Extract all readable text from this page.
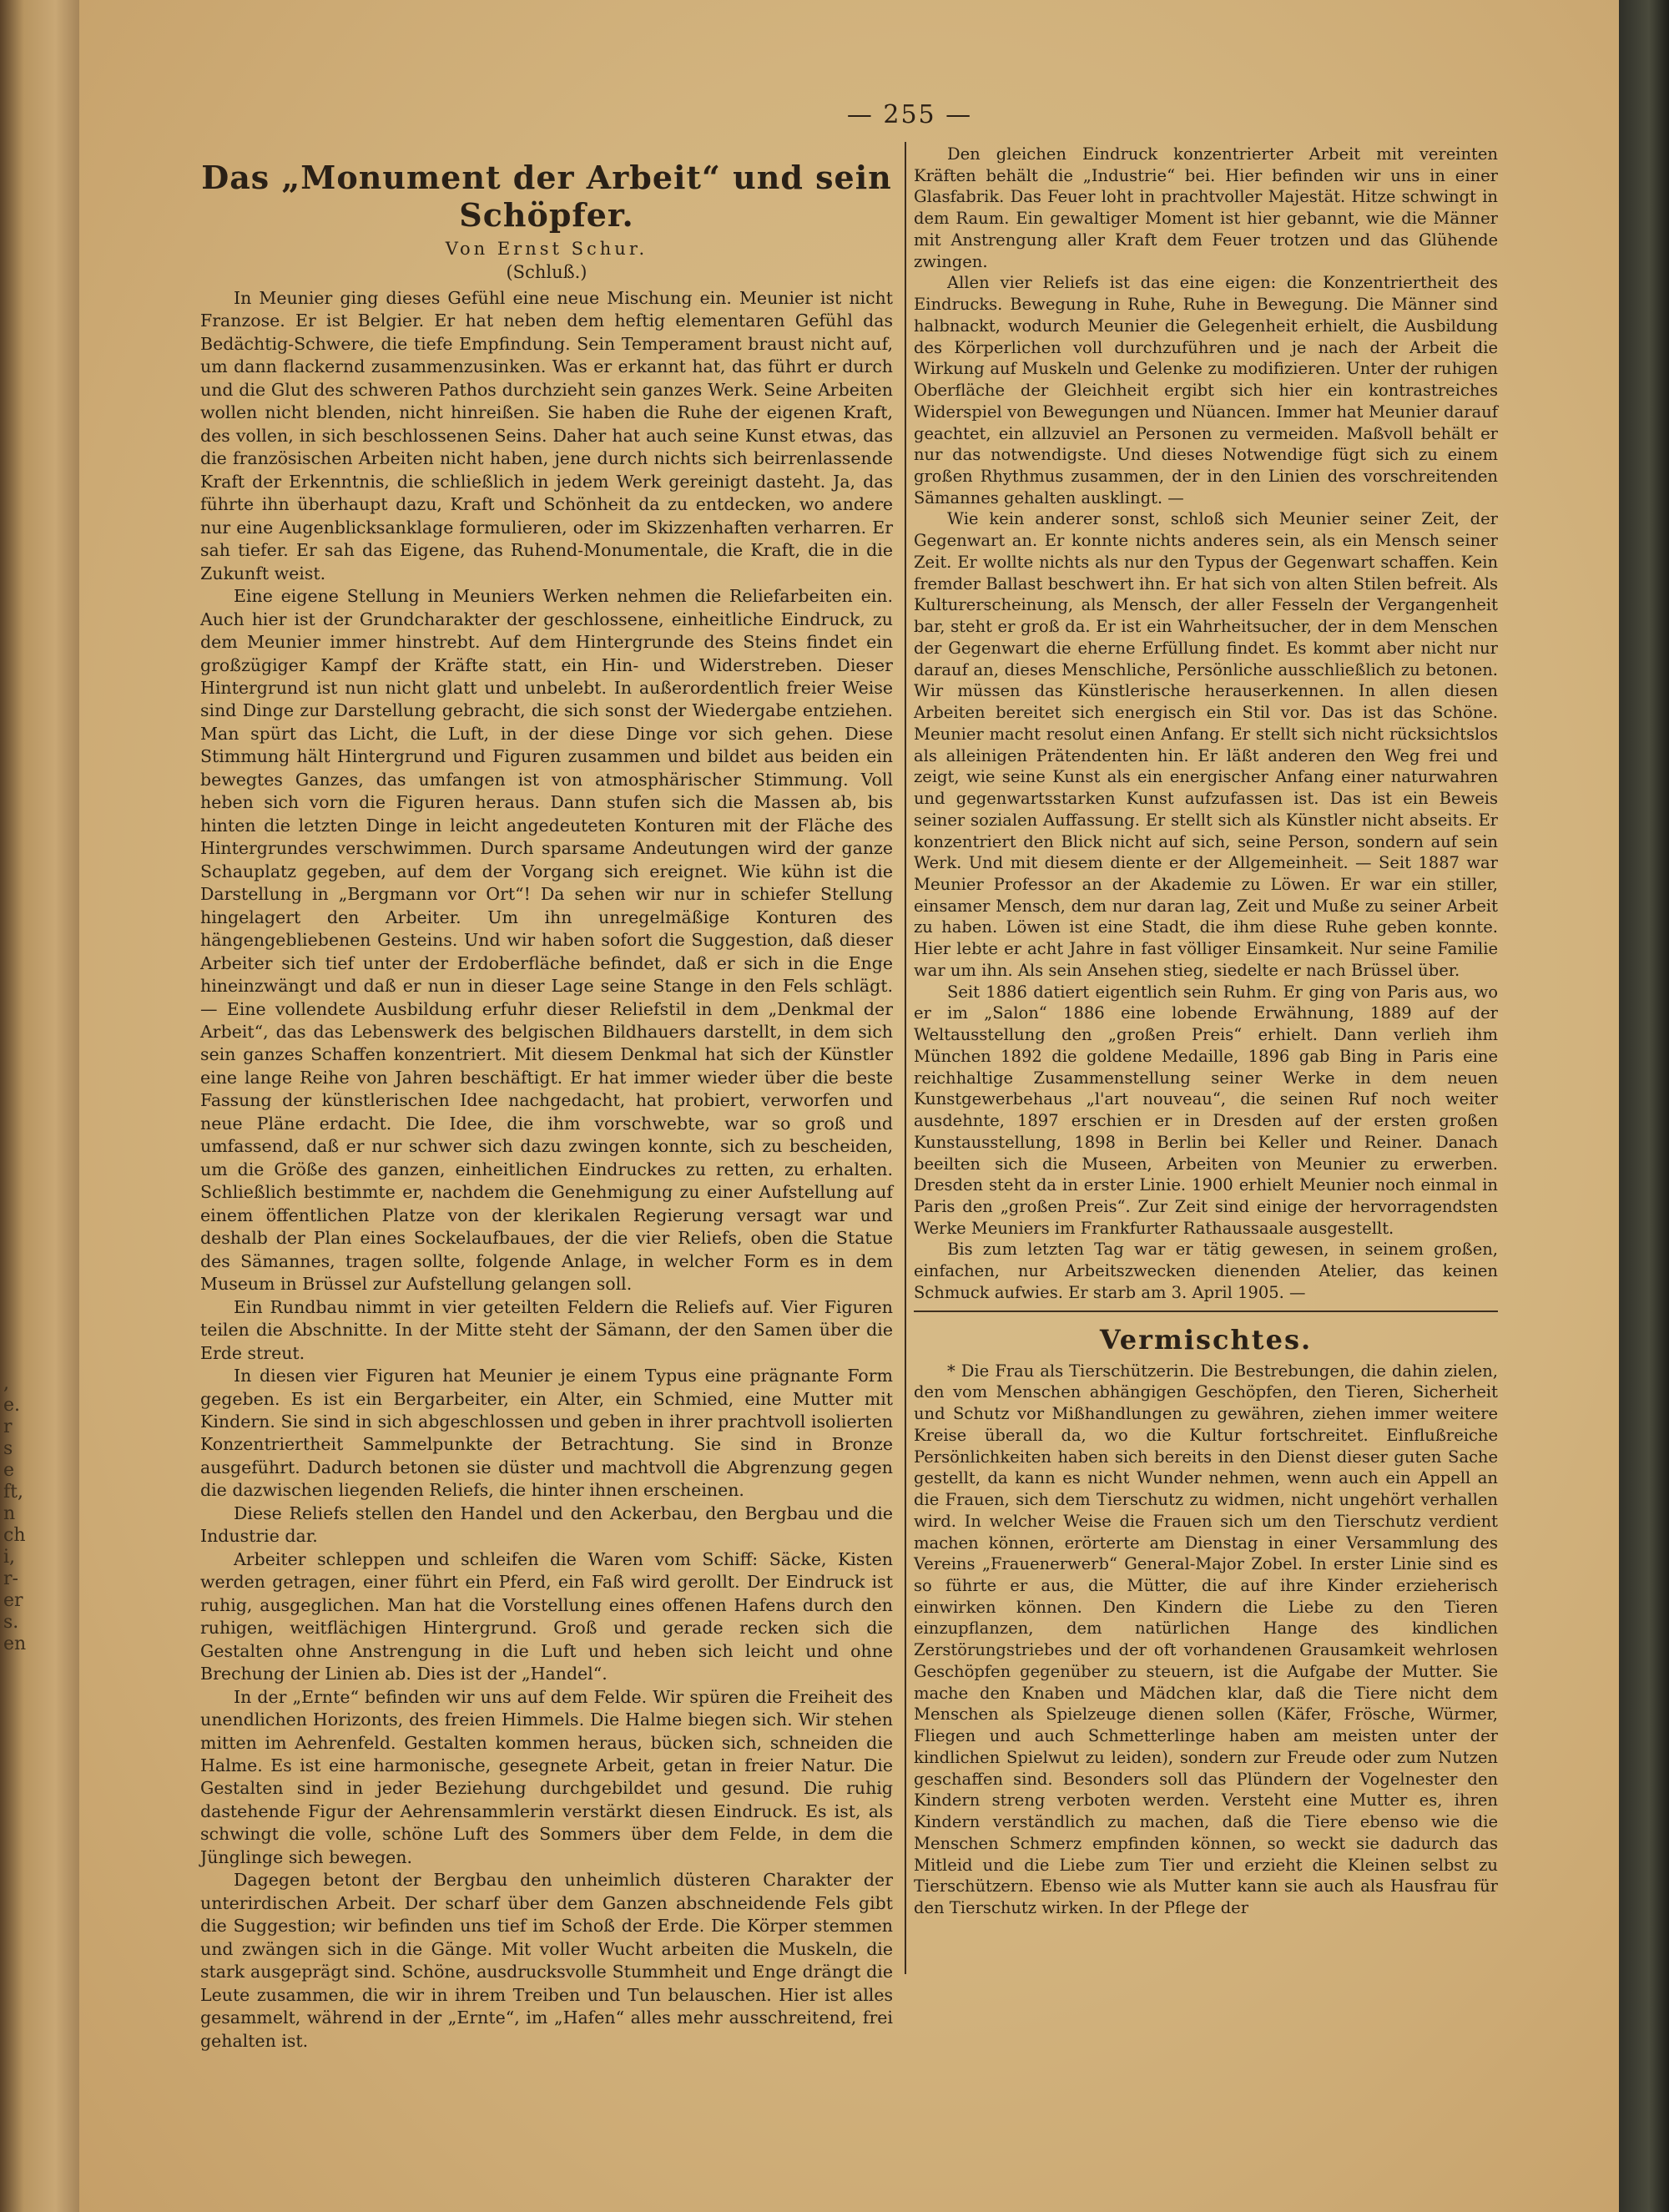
,
e.
r
s
e
ft,
n
ch
i,
r-
er
s.
en
— 255 —
Das „Monument der Arbeit“ und sein Schöpfer.
Von Ernst Schur.
(Schluß.)

In Meunier ging dieses Gefühl eine neue Mischung ein. Meunier ist nicht Franzose. Er ist Belgier. Er hat neben dem heftig elementaren Gefühl das Bedächtig-Schwere, die tiefe Empfindung. Sein Temperament braust nicht auf, um dann flackernd zusammenzusinken. Was er erkannt hat, das führt er durch und die Glut des schweren Pathos durchzieht sein ganzes Werk. Seine Arbeiten wollen nicht blenden, nicht hinreißen. Sie haben die Ruhe der eigenen Kraft, des vollen, in sich beschlossenen Seins. Daher hat auch seine Kunst etwas, das die französischen Arbeiten nicht haben, jene durch nichts sich beirrenlassende Kraft der Erkenntnis, die schließlich in jedem Werk gereinigt dasteht. Ja, das führte ihn überhaupt dazu, Kraft und Schönheit da zu entdecken, wo andere nur eine Augenblicksanklage formulieren, oder im Skizzenhaften verharren. Er sah tiefer. Er sah das Eigene, das Ruhend-Monumentale, die Kraft, die in die Zukunft weist.

Eine eigene Stellung in Meuniers Werken nehmen die Reliefarbeiten ein. Auch hier ist der Grundcharakter der geschlossene, einheitliche Eindruck, zu dem Meunier immer hinstrebt. Auf dem Hintergrunde des Steins findet ein großzügiger Kampf der Kräfte statt, ein Hin- und Widerstreben. Dieser Hintergrund ist nun nicht glatt und unbelebt. In außerordentlich freier Weise sind Dinge zur Darstellung gebracht, die sich sonst der Wiedergabe entziehen. Man spürt das Licht, die Luft, in der diese Dinge vor sich gehen. Diese Stimmung hält Hintergrund und Figuren zusammen und bildet aus beiden ein bewegtes Ganzes, das umfangen ist von atmosphärischer Stimmung. Voll heben sich vorn die Figuren heraus. Dann stufen sich die Massen ab, bis hinten die letzten Dinge in leicht angedeuteten Konturen mit der Fläche des Hintergrundes verschwimmen. Durch sparsame Andeutungen wird der ganze Schauplatz gegeben, auf dem der Vorgang sich ereignet. Wie kühn ist die Darstellung in „Bergmann vor Ort“! Da sehen wir nur in schiefer Stellung hingelagert den Arbeiter. Um ihn unregelmäßige Konturen des hängengebliebenen Gesteins. Und wir haben sofort die Suggestion, daß dieser Arbeiter sich tief unter der Erdoberfläche befindet, daß er sich in die Enge hineinzwängt und daß er nun in dieser Lage seine Stange in den Fels schlägt. — Eine vollendete Ausbildung erfuhr dieser Reliefstil in dem „Denkmal der Arbeit“, das das Lebenswerk des belgischen Bildhauers darstellt, in dem sich sein ganzes Schaffen konzentriert. Mit diesem Denkmal hat sich der Künstler eine lange Reihe von Jahren beschäftigt. Er hat immer wieder über die beste Fassung der künstlerischen Idee nachgedacht, hat probiert, verworfen und neue Pläne erdacht. Die Idee, die ihm vorschwebte, war so groß und umfassend, daß er nur schwer sich dazu zwingen konnte, sich zu bescheiden, um die Größe des ganzen, einheitlichen Eindruckes zu retten, zu erhalten. Schließlich bestimmte er, nachdem die Genehmigung zu einer Aufstellung auf einem öffentlichen Platze von der klerikalen Regierung versagt war und deshalb der Plan eines Sockelaufbaues, der die vier Reliefs, oben die Statue des Sämannes, tragen sollte, folgende Anlage, in welcher Form es in dem Museum in Brüssel zur Aufstellung gelangen soll.

Ein Rundbau nimmt in vier geteilten Feldern die Reliefs auf. Vier Figuren teilen die Abschnitte. In der Mitte steht der Sämann, der den Samen über die Erde streut.

In diesen vier Figuren hat Meunier je einem Typus eine prägnante Form gegeben. Es ist ein Bergarbeiter, ein Alter, ein Schmied, eine Mutter mit Kindern. Sie sind in sich abgeschlossen und geben in ihrer prachtvoll isolierten Konzentriertheit Sammelpunkte der Betrachtung. Sie sind in Bronze ausgeführt. Dadurch betonen sie düster und machtvoll die Abgrenzung gegen die dazwischen liegenden Reliefs, die hinter ihnen erscheinen.

Diese Reliefs stellen den Handel und den Ackerbau, den Bergbau und die Industrie dar.

Arbeiter schleppen und schleifen die Waren vom Schiff: Säcke, Kisten werden getragen, einer führt ein Pferd, ein Faß wird gerollt. Der Eindruck ist ruhig, ausgeglichen. Man hat die Vorstellung eines offenen Hafens durch den ruhigen, weitflächigen Hintergrund. Groß und gerade recken sich die Gestalten ohne Anstrengung in die Luft und heben sich leicht und ohne Brechung der Linien ab. Dies ist der „Handel“.

In der „Ernte“ befinden wir uns auf dem Felde. Wir spüren die Freiheit des unendlichen Horizonts, des freien Himmels. Die Halme biegen sich. Wir stehen mitten im Aehrenfeld. Gestalten kommen heraus, bücken sich, schneiden die Halme. Es ist eine harmonische, gesegnete Arbeit, getan in freier Natur. Die Gestalten sind in jeder Beziehung durchgebildet und gesund. Die ruhig dastehende Figur der Aehrensammlerin verstärkt diesen Eindruck. Es ist, als schwingt die volle, schöne Luft des Sommers über dem Felde, in dem die Jünglinge sich bewegen.

Dagegen betont der Bergbau den unheimlich düsteren Charakter der unterirdischen Arbeit. Der scharf über dem Ganzen abschneidende Fels gibt die Suggestion; wir befinden uns tief im Schoß der Erde. Die Körper stemmen und zwängen sich in die Gänge. Mit voller Wucht arbeiten die Muskeln, die stark ausgeprägt sind. Schöne, ausdrucksvolle Stummheit und Enge drängt die Leute zusammen, die wir in ihrem Treiben und Tun belauschen. Hier ist alles gesammelt, während in der „Ernte“, im „Hafen“ alles mehr ausschreitend, frei gehalten ist.

Den gleichen Eindruck konzentrierter Arbeit mit vereinten Kräften behält die „Industrie“ bei. Hier befinden wir uns in einer Glasfabrik. Das Feuer loht in prachtvoller Majestät. Hitze schwingt in dem Raum. Ein gewaltiger Moment ist hier gebannt, wie die Männer mit Anstrengung aller Kraft dem Feuer trotzen und das Glühende zwingen.

Allen vier Reliefs ist das eine eigen: die Konzentriertheit des Eindrucks. Bewegung in Ruhe, Ruhe in Bewegung. Die Männer sind halbnackt, wodurch Meunier die Gelegenheit erhielt, die Ausbildung des Körperlichen voll durchzuführen und je nach der Arbeit die Wirkung auf Muskeln und Gelenke zu modifizieren. Unter der ruhigen Oberfläche der Gleichheit ergibt sich hier ein kontrastreiches Widerspiel von Bewegungen und Nüancen. Immer hat Meunier darauf geachtet, ein allzuviel an Personen zu vermeiden. Maßvoll behält er nur das notwendigste. Und dieses Notwendige fügt sich zu einem großen Rhythmus zusammen, der in den Linien des vorschreitenden Sämannes gehalten ausklingt. —

Wie kein anderer sonst, schloß sich Meunier seiner Zeit, der Gegenwart an. Er konnte nichts anderes sein, als ein Mensch seiner Zeit. Er wollte nichts als nur den Typus der Gegenwart schaffen. Kein fremder Ballast beschwert ihn. Er hat sich von alten Stilen befreit. Als Kulturerscheinung, als Mensch, der aller Fesseln der Vergangenheit bar, steht er groß da. Er ist ein Wahrheitsucher, der in dem Menschen der Gegenwart die eherne Erfüllung findet. Es kommt aber nicht nur darauf an, dieses Menschliche, Persönliche ausschließlich zu betonen. Wir müssen das Künstlerische herauserkennen. In allen diesen Arbeiten bereitet sich energisch ein Stil vor. Das ist das Schöne. Meunier macht resolut einen Anfang. Er stellt sich nicht rücksichtslos als alleinigen Prätendenten hin. Er läßt anderen den Weg frei und zeigt, wie seine Kunst als ein energischer Anfang einer naturwahren und gegenwartsstarken Kunst aufzufassen ist. Das ist ein Beweis seiner sozialen Auffassung. Er stellt sich als Künstler nicht abseits. Er konzentriert den Blick nicht auf sich, seine Person, sondern auf sein Werk. Und mit diesem diente er der Allgemeinheit. — Seit 1887 war Meunier Professor an der Akademie zu Löwen. Er war ein stiller, einsamer Mensch, dem nur daran lag, Zeit und Muße zu seiner Arbeit zu haben. Löwen ist eine Stadt, die ihm diese Ruhe geben konnte. Hier lebte er acht Jahre in fast völliger Einsamkeit. Nur seine Familie war um ihn. Als sein Ansehen stieg, siedelte er nach Brüssel über.

Seit 1886 datiert eigentlich sein Ruhm. Er ging von Paris aus, wo er im „Salon“ 1886 eine lobende Erwähnung, 1889 auf der Weltausstellung den „großen Preis“ erhielt. Dann verlieh ihm München 1892 die goldene Medaille, 1896 gab Bing in Paris eine reichhaltige Zusammenstellung seiner Werke in dem neuen Kunstgewerbehaus „l'art nouveau“, die seinen Ruf noch weiter ausdehnte, 1897 erschien er in Dresden auf der ersten großen Kunstausstellung, 1898 in Berlin bei Keller und Reiner. Danach beeilten sich die Museen, Arbeiten von Meunier zu erwerben. Dresden steht da in erster Linie. 1900 erhielt Meunier noch einmal in Paris den „großen Preis“. Zur Zeit sind einige der hervorragendsten Werke Meuniers im Frankfurter Rathaussaale ausgestellt.

Bis zum letzten Tag war er tätig gewesen, in seinem großen, einfachen, nur Arbeitszwecken dienenden Atelier, das keinen Schmuck aufwies. Er starb am 3. April 1905. —

Vermischtes.

* Die Frau als Tierschützerin. Die Bestrebungen, die dahin zielen, den vom Menschen abhängigen Geschöpfen, den Tieren, Sicherheit und Schutz vor Mißhandlungen zu gewähren, ziehen immer weitere Kreise überall da, wo die Kultur fortschreitet. Einflußreiche Persönlichkeiten haben sich bereits in den Dienst dieser guten Sache gestellt, da kann es nicht Wunder nehmen, wenn auch ein Appell an die Frauen, sich dem Tierschutz zu widmen, nicht ungehört verhallen wird. In welcher Weise die Frauen sich um den Tierschutz verdient machen können, erörterte am Dienstag in einer Versammlung des Vereins „Frauenerwerb“ General-Major Zobel. In erster Linie sind es so führte er aus, die Mütter, die auf ihre Kinder erzieherisch einwirken können. Den Kindern die Liebe zu den Tieren einzupflanzen, dem natürlichen Hange des kindlichen Zerstörungstriebes und der oft vorhandenen Grausamkeit wehrlosen Geschöpfen gegenüber zu steuern, ist die Aufgabe der Mutter. Sie mache den Knaben und Mädchen klar, daß die Tiere nicht dem Menschen als Spielzeuge dienen sollen (Käfer, Frösche, Würmer, Fliegen und auch Schmetterlinge haben am meisten unter der kindlichen Spielwut zu leiden), sondern zur Freude oder zum Nutzen geschaffen sind. Besonders soll das Plündern der Vogelnester den Kindern streng verboten werden. Versteht eine Mutter es, ihren Kindern verständlich zu machen, daß die Tiere ebenso wie die Menschen Schmerz empfinden können, so weckt sie dadurch das Mitleid und die Liebe zum Tier und erzieht die Kleinen selbst zu Tierschützern. Ebenso wie als Mutter kann sie auch als Hausfrau für den Tierschutz wirken. In der Pflege der
